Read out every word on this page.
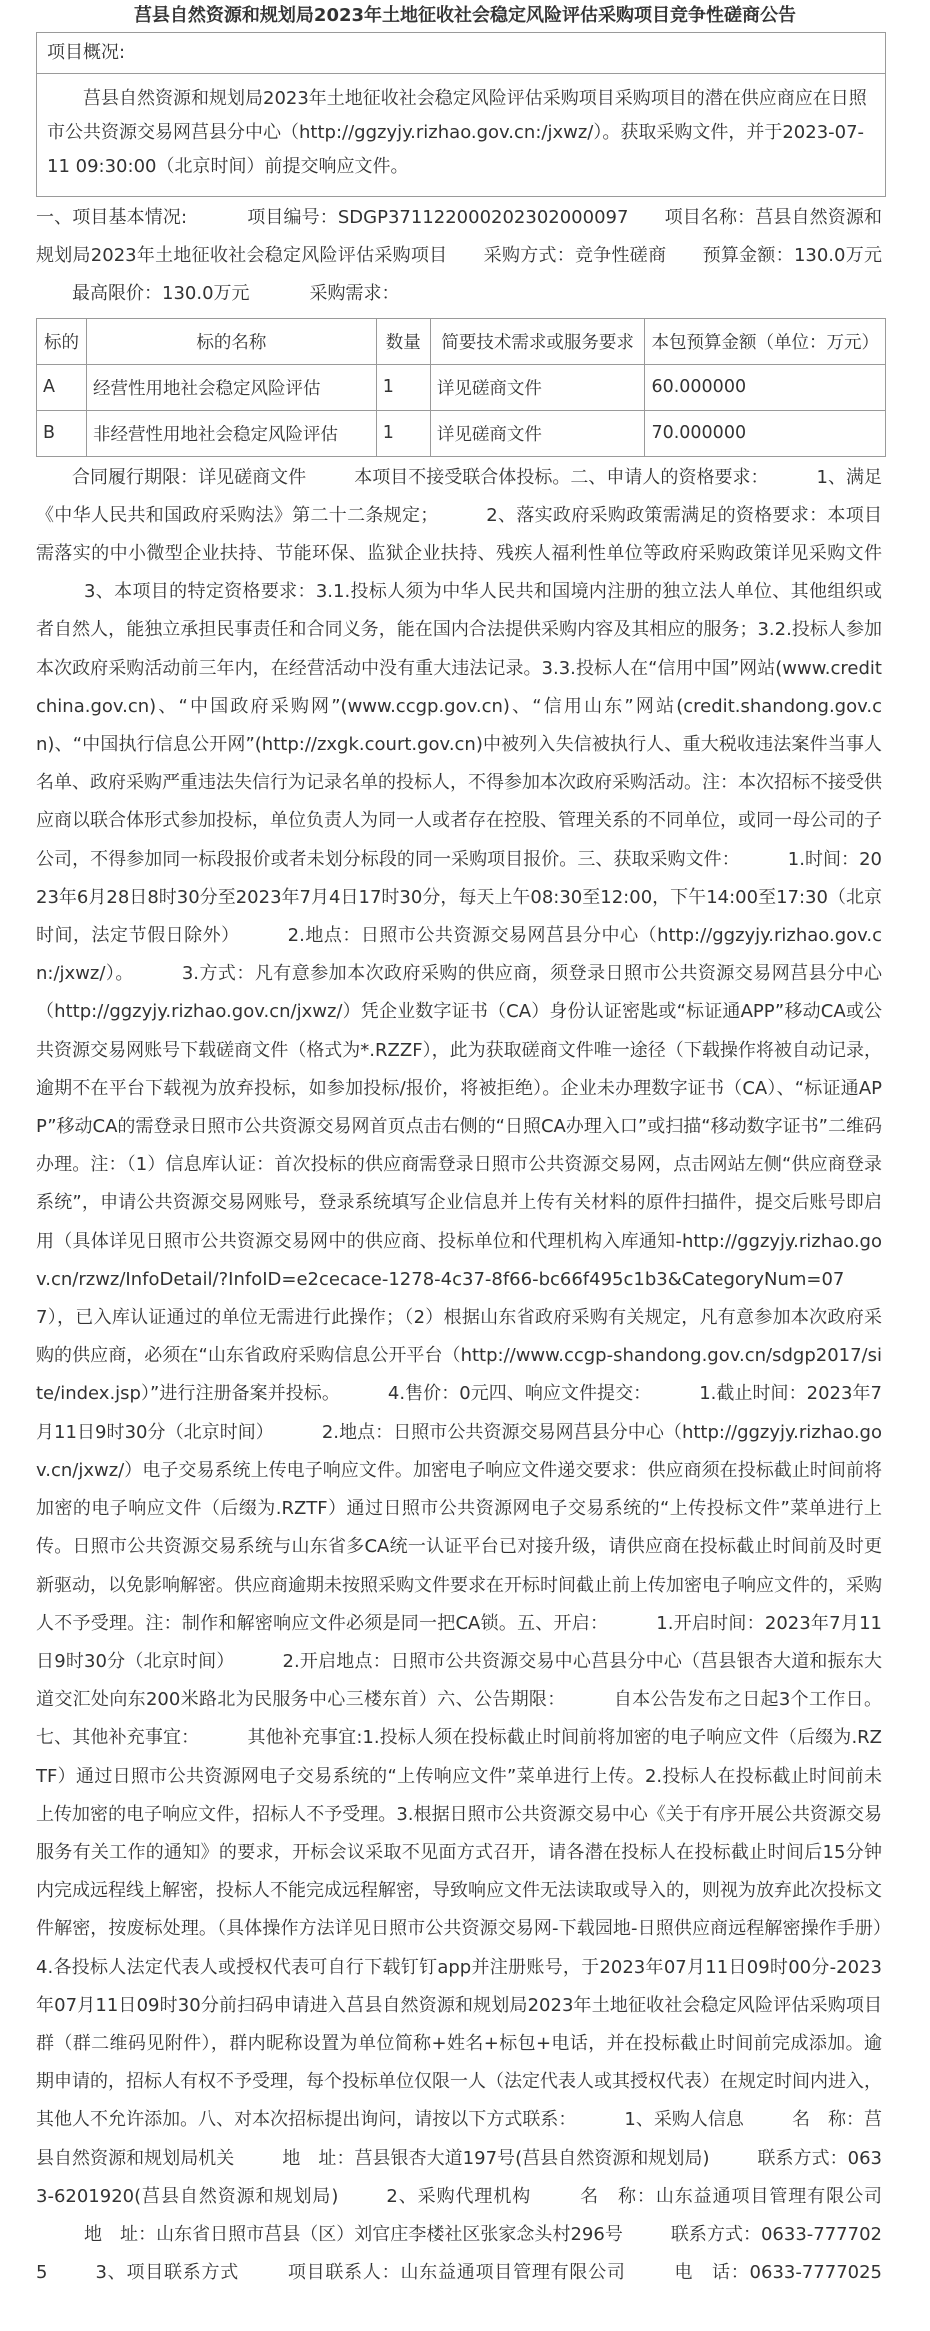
莒县自然资源和规划局2023年土地征收社会稳定风险评估采购项目竞争性磋商公告
项目概况:
莒县自然资源和规划局2023年土地征收社会稳定风险评估采购项目采购项目的潜在供应商应在日照市公共资源交易网莒县分中心（http://ggzyjy.rizhao.gov.cn:/jxwz/）。获取采购文件，并于2023-07-11 09:30:00（北京时间）前提交响应文件。

一、项目基本情况:	项目编号：SDGP371122000202302000097 项目名称：莒县自然资源和规划局2023年土地征收社会稳定风险评估采购项目 采购方式：竞争性磋商 预算金额：130.0万元最高限价：130.0万元	采购需求：

标的	标的名称	数量	简要技术需求或服务要求	本包预算金额（单位：万元）
A	经营性用地社会稳定风险评估	1	详见磋商文件	60.000000
B	非经营性用地社会稳定风险评估	1	详见磋商文件	70.000000

合同履行期限：详见磋商文件	本项目不接受联合体投标。二、申请人的资格要求：	1、满足《中华人民共和国政府采购法》第二十二条规定；	2、落实政府采购政策需满足的资格要求：本项目需落实的中小微型企业扶持、节能环保、监狱企业扶持、残疾人福利性单位等政府采购政策详见采购文件3、本项目的特定资格要求：3.1.投标人须为中华人民共和国境内注册的独立法人单位、其他组织或者自然人，能独立承担民事责任和合同义务，能在国内合法提供采购内容及其相应的服务；3.2.投标人参加本次政府采购活动前三年内，在经营活动中没有重大违法记录。3.3.投标人在“信用中国”网站(www.creditchina.gov.cn)、“中国政府采购网”(www.ccgp.gov.cn)、“信用山东”网站(credit.shandong.gov.cn)、“中国执行信息公开网”(http://zxgk.court.gov.cn)中被列入失信被执行人、重大税收违法案件当事人名单、政府采购严重违法失信行为记录名单的投标人，不得参加本次政府采购活动。注：本次招标不接受供应商以联合体形式参加投标，单位负责人为同一人或者存在控股、管理关系的不同单位，或同一母公司的子公司，不得参加同一标段报价或者未划分标段的同一采购项目报价。三、获取采购文件：	1.时间：2023年6月28日8时30分至2023年7月4日17时30分，每天上午08:30至12:00，下午14:00至17:30（北京时间，法定节假日除外）	2.地点：日照市公共资源交易网莒县分中心（http://ggzyjy.rizhao.gov.cn:/jxwz/）。	3.方式：凡有意参加本次政府采购的供应商，须登录日照市公共资源交易网莒县分中心（http://ggzyjy.rizhao.gov.cn/jxwz/）凭企业数字证书（CA）身份认证密匙或“标证通APP”移动CA或公共资源交易网账号下载磋商文件（格式为*.RZZF），此为获取磋商文件唯一途径（下载操作将被自动记录，逾期不在平台下载视为放弃投标，如参加投标/报价，将被拒绝）。企业未办理数字证书（CA）、“标证通APP”移动CA的需登录日照市公共资源交易网首页点击右侧的“日照CA办理入口”或扫描“移动数字证书”二维码办理。注：（1）信息库认证：首次投标的供应商需登录日照市公共资源交易网，点击网站左侧“供应商登录系统”，申请公共资源交易网账号，登录系统填写企业信息并上传有关材料的原件扫描件，提交后账号即启用（具体详见日照市公共资源交易网中的供应商、投标单位和代理机构入库通知-http://ggzyjy.rizhao.gov.cn/rzwz/InfoDetail/?InfoID=e2cecace-1278-4c37-8f66-bc66f495c1b3&CategoryNum=077），已入库认证通过的单位无需进行此操作；（2）根据山东省政府采购有关规定，凡有意参加本次政府采购的供应商，必须在“山东省政府采购信息公开平台（http://www.ccgp-shandong.gov.cn/sdgp2017/site/index.jsp）”进行注册备案并投标。	4.售价：0元四、响应文件提交：	1.截止时间：2023年7月11日9时30分（北京时间）	2.地点：日照市公共资源交易网莒县分中心（http://ggzyjy.rizhao.gov.cn/jxwz/）电子交易系统上传电子响应文件。加密电子响应文件递交要求：供应商须在投标截止时间前将加密的电子响应文件（后缀为.RZTF）通过日照市公共资源网电子交易系统的“上传投标文件”菜单进行上传。日照市公共资源交易系统与山东省多CA统一认证平台已对接升级，请供应商在投标截止时间前及时更新驱动，以免影响解密。供应商逾期未按照采购文件要求在开标时间截止前上传加密电子响应文件的，采购人不予受理。注：制作和解密响应文件必须是同一把CA锁。五、开启：	1.开启时间：2023年7月11日9时30分（北京时间）	2.开启地点：日照市公共资源交易中心莒县分中心（莒县银杏大道和振东大道交汇处向东200米路北为民服务中心三楼东首）六、公告期限：	自本公告发布之日起3个工作日。七、其他补充事宜：	其他补充事宜:1.投标人须在投标截止时间前将加密的电子响应文件（后缀为.RZTF）通过日照市公共资源网电子交易系统的“上传响应文件”菜单进行上传。2.投标人在投标截止时间前未上传加密的电子响应文件，招标人不予受理。3.根据日照市公共资源交易中心《关于有序开展公共资源交易服务有关工作的通知》的要求，开标会议采取不见面方式召开，请各潜在投标人在投标截止时间后15分钟内完成远程线上解密，投标人不能完成远程解密，导致响应文件无法读取或导入的，则视为放弃此次投标文件解密，按废标处理。（具体操作方法详见日照市公共资源交易网-下载园地-日照供应商远程解密操作手册）4.各投标人法定代表人或授权代表可自行下载钉钉app并注册账号，于2023年07月11日09时00分-2023年07月11日09时30分前扫码申请进入莒县自然资源和规划局2023年土地征收社会稳定风险评估采购项目群（群二维码见附件），群内昵称设置为单位简称+姓名+标包+电话，并在投标截止时间前完成添加。逾期申请的，招标人有权不予受理，每个投标单位仅限一人（法定代表人或其授权代表）在规定时间内进入，其他人不允许添加。八、对本次招标提出询问，请按以下方式联系：	1、采购人信息	名　称：莒县自然资源和规划局机关	地　址：莒县银杏大道197号(莒县自然资源和规划局)	联系方式：0633-6201920(莒县自然资源和规划局)	2、采购代理机构	名　称：山东益通项目管理有限公司地　址：山东省日照市莒县（区）刘官庄李楼社区张家念头村296号	联系方式：0633-7777025	3、项目联系方式	项目联系人：山东益通项目管理有限公司	电　话：0633-7777025
